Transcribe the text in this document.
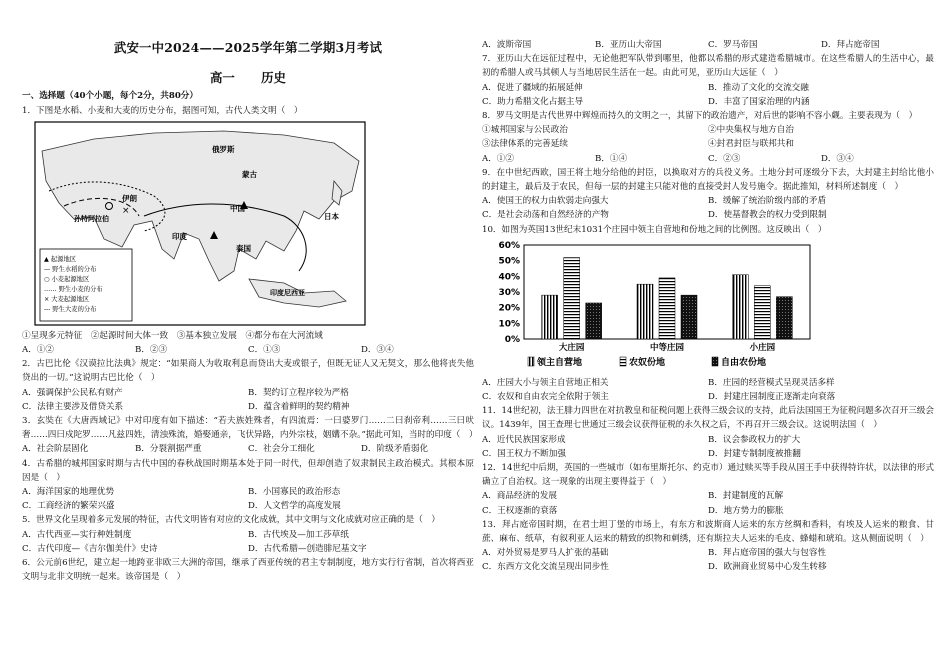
武安一中2024——2025学年第二学期3月考试
高一 历史
一、选择题（40个小题，每个2分，共80分）

1．下图是水稻、小麦和大麦的历史分布，据图可知，古代人类文明（　）

×
俄罗斯
蒙古
中国
日本
伊朗
孙特阿拉伯
印度
泰国
印度尼西亚
▲ 起源地区
— 野生水稻的分布
○ 小麦起源地区
…… 野生小麦的分布
× 大麦起源地区
--- 野生大麦的分布

①呈现多元特征　②起源时间大体一致　③基本独立发展　④都分布在大河流域

A．①②	B．②③	C．①③	D．③④

2．古巴比伦《汉谟拉比法典》规定：“如果商人为收取利息而贷出大麦或银子，但既无证人又无契文，那么他将丧失他贷出的一切。”这说明古巴比伦（　）

A．强调保护公民私有财产	B．契约订立程序较为严格
C．法律主要涉及借贷关系	D．蕴含着鲜明的契约精神

3．玄奘在《大唐西域记》中对印度有如下描述：“若夫族姓殊者，有四流焉：一曰婆罗门……二曰刹帝利……三曰吠奢……四曰戍陀罗……凡兹四姓，清浊殊流，婚娶通亲，飞伏异路，内外宗枝，姻媾不杂。”据此可知，当时的印度（　）

A．社会阶层固化	B．分裂割据严重	C．社会分工细化	D．阶级矛盾弱化

4．古希腊的城邦国家时期与古代中国的春秋战国时期基本处于同一时代，但却创造了奴隶制民主政治模式。其根本原因是（　）

A．海洋国家的地理优势	B．小国寡民的政治形态
C．工商经济的繁荣兴盛	D．人文哲学的高度发展

5．世界文化呈现着多元发展的特征，古代文明皆有对应的文化成就，其中文明与文化成就对应正确的是（　）

A．古代西亚—实行种姓制度	B．古代埃及—加工莎草纸
C．古代印度—《吉尔伽美什》史诗	D．古代希腊—创造腓尼基文字

6．公元前6世纪，建立起一地跨亚非欧三大洲的帝国，继承了西亚传统的君主专制制度，地方实行行省制，首次将西亚文明与北非文明统一起来。该帝国是（　）

A．波斯帝国	B．亚历山大帝国	C．罗马帝国	D．拜占庭帝国

7．亚历山大在远征过程中，无论他把军队带到哪里，他都以希腊的形式建造希腊城市。在这些希腊人的生活中心，最初的希腊人或马其顿人与当地居民生活在一起。由此可见，亚历山大远征（　）

A．促进了疆域的拓展延伸	B．推动了文化的交流交融
C．助力希腊文化占据主导	D．丰富了国家治理的内涵

8．罗马文明是古代世界中辉煌而持久的文明之一，其留下的政治遗产，对后世的影响不容小觑。主要表现为（　）

①城邦国家与公民政治	②中央集权与地方自治
③法律体系的完善延续	④封君封臣与联邦共和
A．①②	B．①④	C．②③	D．③④

9．在中世纪西欧，国王将土地分给他的封臣，以换取对方的兵役义务。土地分封可逐级分下去，大封建主封给比他小的封建主，最后及于农民，但每一层的封建主只能对他的直接受封人发号施令。据此推知，材料所述制度（　）

A．使国王的权力由软弱走向强大	B．缓解了统治阶级内部的矛盾
C．是社会动荡和自然经济的产物	D．使基督教会的权力受到限制

10．如图为英国13世纪末1031个庄园中领主自营地和份地之间的比例图。这反映出（　）

0%
10%
20%
30%
40%
50%
60%
大庄园	中等庄园	小庄园
领主自营地	农奴份地	自由农份地
A．庄园大小与领主自营地正相关	B．庄园的经营模式呈现灵活多样
C．农奴和自由农完全依附于领主	D．封建庄园制度正逐渐走向衰落

11．14世纪初，法王腓力四世在对抗教皇和征税问题上获得三级会议的支持，此后法国国王为征税问题多次召开三级会议。1439年，国王查理七世通过三级会议获得征税的永久权之后，不再召开三级会议。这说明法国（　）

A．近代民族国家形成	B．议会参政权力的扩大
C．国王权力不断加强	D．封建专制制度被推翻

12．14世纪中后期，英国的一些城市（如布里斯托尔、约克市）通过赎买等手段从国王手中获得特许状，以法律的形式确立了自治权。这一现象的出现主要得益于（　）

A．商品经济的发展	B．封建制度的瓦解
C．王权逐渐的衰落	D．地方势力的膨胀

13．拜占庭帝国时期，在君士坦丁堡的市场上，有东方和波斯商人运来的东方丝绸和香料，有埃及人运来的粮食、甘蔗、麻布、纸草，有叙利亚人运来的精致的织物和刺绣，还有斯拉夫人运来的毛皮、蜂蜡和琥珀。这从侧面说明（　）

A．对外贸易是罗马人扩张的基础	B．拜占庭帝国的强大与包容性
C．东西方文化交流呈现出同步性	D．欧洲商业贸易中心发生转移
